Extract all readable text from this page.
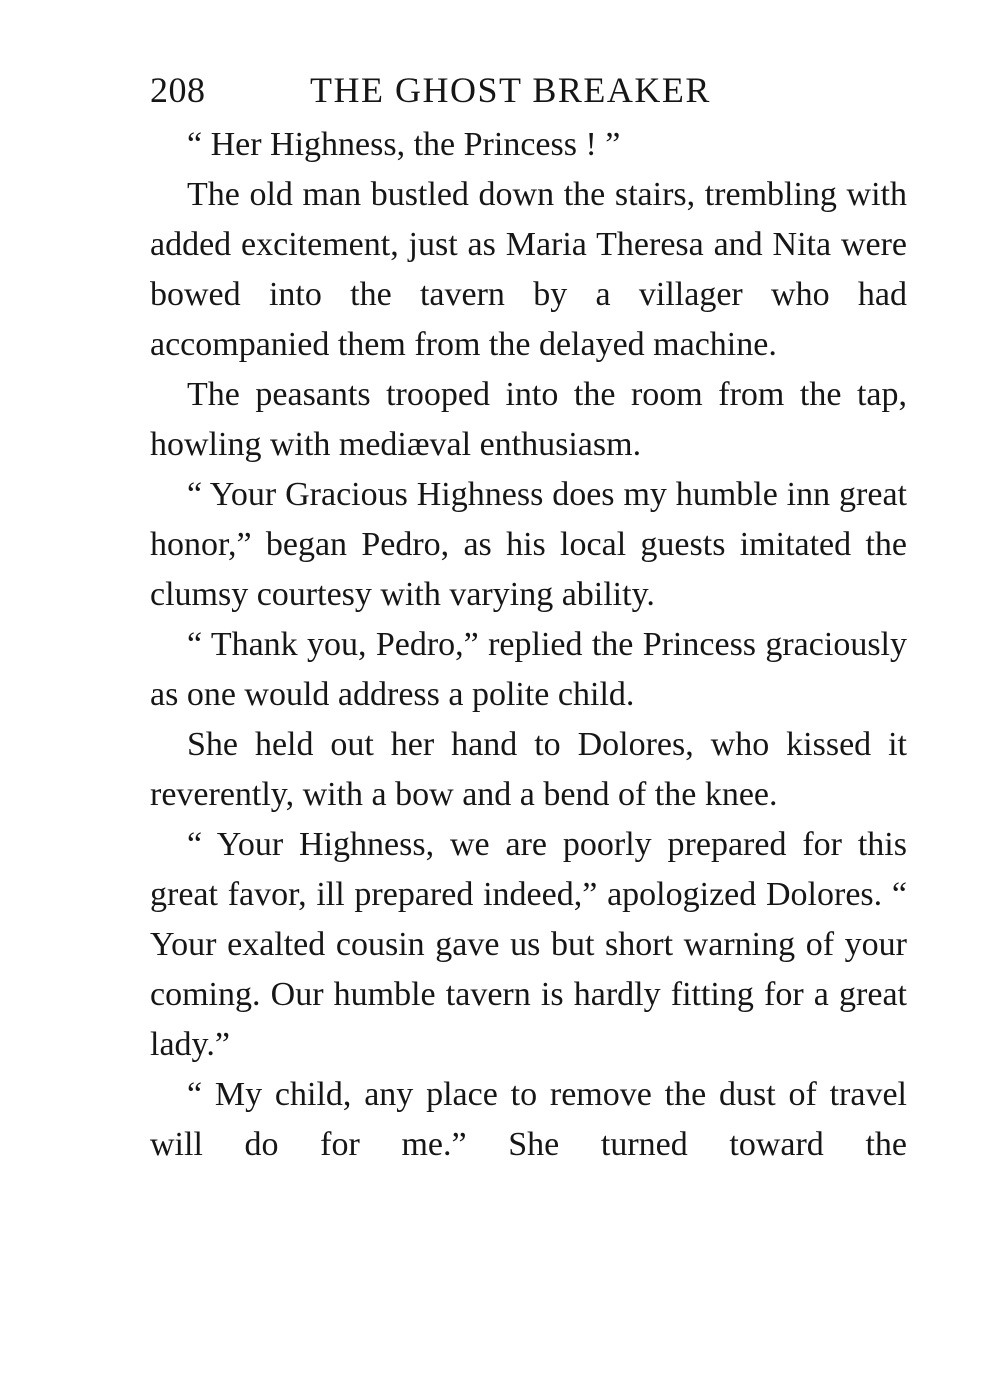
208	THE GHOST BREAKER

“ Her Highness, the Princess ! ”

The old man bustled down the stairs, trembling with added excitement, just as Maria Theresa and Nita were bowed into the tavern by a villager who had accompanied them from the delayed machine.

The peasants trooped into the room from the tap, howling with mediæval enthusiasm.

“ Your Gracious Highness does my humble inn great honor,” began Pedro, as his local guests imitated the clumsy courtesy with varying ability.

“ Thank you, Pedro,” replied the Princess graciously as one would address a polite child.

She held out her hand to Dolores, who kissed it reverently, with a bow and a bend of the knee.

“ Your Highness, we are poorly prepared for this great favor, ill prepared indeed,” apologized Dolores. “ Your exalted cousin gave us but short warning of your coming. Our humble tavern is hardly fitting for a great lady.”

“ My child, any place to remove the dust of travel will do for me.” She turned toward the
